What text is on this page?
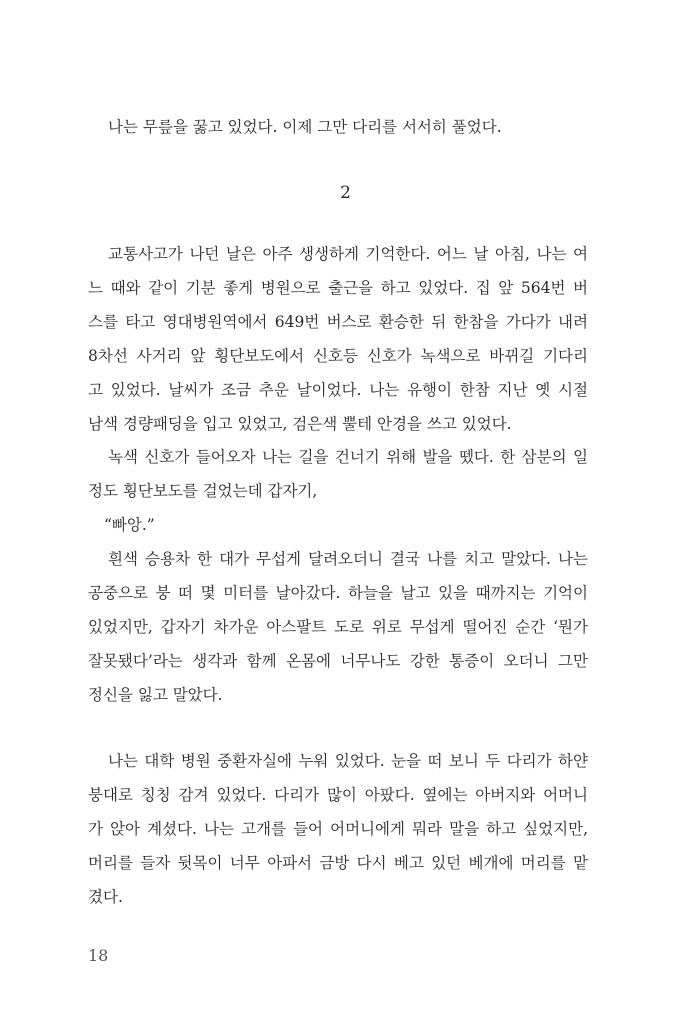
나는 무릎을 꿇고 있었다. 이제 그만 다리를 서서히 풀었다.
2
교통사고가 나던 날은 아주 생생하게 기억한다. 어느 날 아침, 나는 여
느 때와 같이 기분 좋게 병원으로 출근을 하고 있었다. 집 앞 564번 버
스를 타고 영대병원역에서 649번 버스로 환승한 뒤 한참을 가다가 내려
8차선 사거리 앞 횡단보도에서 신호등 신호가 녹색으로 바뀌길 기다리
고 있었다. 날씨가 조금 추운 날이었다. 나는 유행이 한참 지난 옛 시절
남색 경량패딩을 입고 있었고, 검은색 뿔테 안경을 쓰고 있었다.
녹색 신호가 들어오자 나는 길을 건너기 위해 발을 뗐다. 한 삼분의 일
정도 횡단보도를 걸었는데 갑자기,
“빠앙.”
흰색 승용차 한 대가 무섭게 달려오더니 결국 나를 치고 말았다. 나는
공중으로 붕 떠 몇 미터를 날아갔다. 하늘을 날고 있을 때까지는 기억이
있었지만, 갑자기 차가운 아스팔트 도로 위로 무섭게 떨어진 순간 ‘뭔가
잘못됐다’라는 생각과 함께 온몸에 너무나도 강한 통증이 오더니 그만
정신을 잃고 말았다.
나는 대학 병원 중환자실에 누워 있었다. 눈을 떠 보니 두 다리가 하얀
붕대로 칭칭 감겨 있었다. 다리가 많이 아팠다. 옆에는 아버지와 어머니
가 앉아 계셨다. 나는 고개를 들어 어머니에게 뭐라 말을 하고 싶었지만,
머리를 들자 뒷목이 너무 아파서 금방 다시 베고 있던 베개에 머리를 맡
겼다.
18
